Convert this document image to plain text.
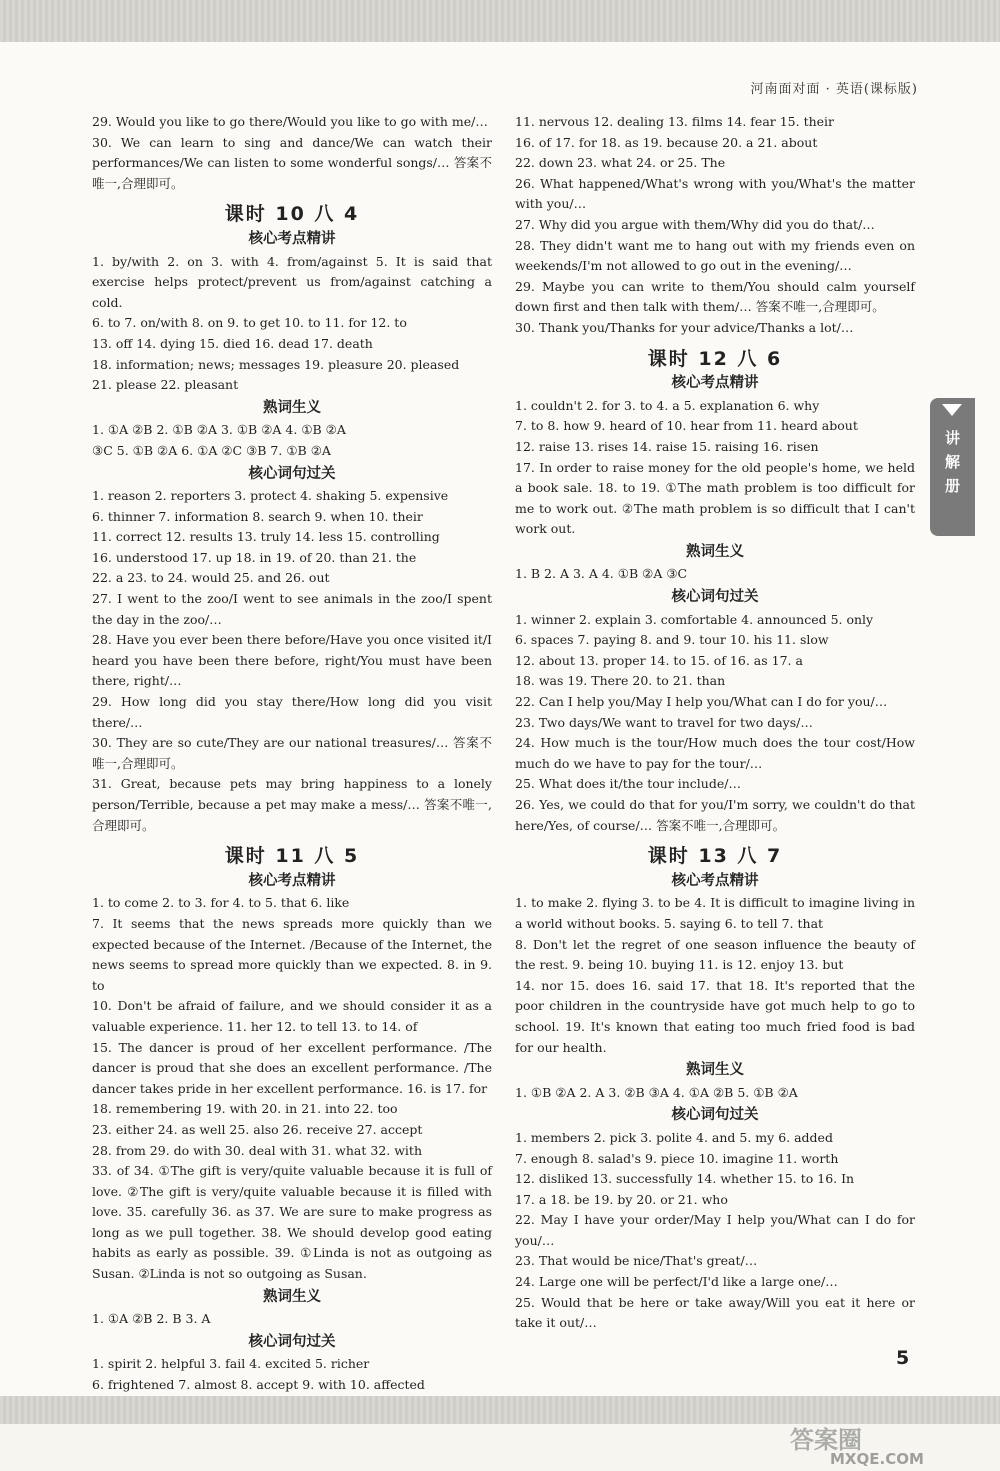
河南面对面 · 英语(课标版)
29. Would you like to go there/Would you like to go with me/…
30. We can learn to sing and dance/We can watch their performances/We can listen to some wonderful songs/… 答案不唯一,合理即可。
课时 10 八 4
核心考点精讲
1. by/with 2. on 3. with 4. from/against 5. It is said that exercise helps protect/prevent us from/against catching a cold.
6. to 7. on/with 8. on 9. to get 10. to 11. for 12. to
13. off 14. dying 15. died 16. dead 17. death
18. information; news; messages 19. pleasure 20. pleased
21. please 22. pleasant
熟词生义
1. ①A ②B 2. ①B ②A 3. ①B ②A 4. ①B ②A
③C 5. ①B ②A 6. ①A ②C ③B 7. ①B ②A
核心词句过关
1. reason 2. reporters 3. protect 4. shaking 5. expensive
6. thinner 7. information 8. search 9. when 10. their
11. correct 12. results 13. truly 14. less 15. controlling
16. understood 17. up 18. in 19. of 20. than 21. the
22. a 23. to 24. would 25. and 26. out
27. I went to the zoo/I went to see animals in the zoo/I spent the day in the zoo/…
28. Have you ever been there before/Have you once visited it/I heard you have been there before, right/You must have been there, right/…
29. How long did you stay there/How long did you visit there/…
30. They are so cute/They are our national treasures/… 答案不唯一,合理即可。
31. Great, because pets may bring happiness to a lonely person/Terrible, because a pet may make a mess/… 答案不唯一,合理即可。
课时 11 八 5
核心考点精讲
1. to come 2. to 3. for 4. to 5. that 6. like
7. It seems that the news spreads more quickly than we expected because of the Internet. /Because of the Internet, the news seems to spread more quickly than we expected. 8. in 9. to
10. Don't be afraid of failure, and we should consider it as a valuable experience. 11. her 12. to tell 13. to 14. of
15. The dancer is proud of her excellent performance. /The dancer is proud that she does an excellent performance. /The dancer takes pride in her excellent performance. 16. is 17. for
18. remembering 19. with 20. in 21. into 22. too
23. either 24. as well 25. also 26. receive 27. accept
28. from 29. do with 30. deal with 31. what 32. with
33. of 34. ①The gift is very/quite valuable because it is full of love. ②The gift is very/quite valuable because it is filled with love. 35. carefully 36. as 37. We are sure to make progress as long as we pull together. 38. We should develop good eating habits as early as possible. 39. ①Linda is not as outgoing as Susan. ②Linda is not so outgoing as Susan.
熟词生义
1. ①A ②B 2. B 3. A
核心词句过关
1. spirit 2. helpful 3. fail 4. excited 5. richer
6. frightened 7. almost 8. accept 9. with 10. affected
11. nervous 12. dealing 13. films 14. fear 15. their
16. of 17. for 18. as 19. because 20. a 21. about
22. down 23. what 24. or 25. The
26. What happened/What's wrong with you/What's the matter with you/…
27. Why did you argue with them/Why did you do that/…
28. They didn't want me to hang out with my friends even on weekends/I'm not allowed to go out in the evening/…
29. Maybe you can write to them/You should calm yourself down first and then talk with them/… 答案不唯一,合理即可。
30. Thank you/Thanks for your advice/Thanks a lot/…
课时 12 八 6
核心考点精讲
1. couldn't 2. for 3. to 4. a 5. explanation 6. why
7. to 8. how 9. heard of 10. hear from 11. heard about
12. raise 13. rises 14. raise 15. raising 16. risen
17. In order to raise money for the old people's home, we held a book sale. 18. to 19. ①The math problem is too difficult for me to work out. ②The math problem is so difficult that I can't work out.
熟词生义
1. B 2. A 3. A 4. ①B ②A ③C
核心词句过关
1. winner 2. explain 3. comfortable 4. announced 5. only
6. spaces 7. paying 8. and 9. tour 10. his 11. slow
12. about 13. proper 14. to 15. of 16. as 17. a
18. was 19. There 20. to 21. than
22. Can I help you/May I help you/What can I do for you/…
23. Two days/We want to travel for two days/…
24. How much is the tour/How much does the tour cost/How much do we have to pay for the tour/…
25. What does it/the tour include/…
26. Yes, we could do that for you/I'm sorry, we couldn't do that here/Yes, of course/… 答案不唯一,合理即可。
课时 13 八 7
核心考点精讲
1. to make 2. flying 3. to be 4. It is difficult to imagine living in a world without books. 5. saying 6. to tell 7. that
8. Don't let the regret of one season influence the beauty of the rest. 9. being 10. buying 11. is 12. enjoy 13. but
14. nor 15. does 16. said 17. that 18. It's reported that the poor children in the countryside have got much help to go to school. 19. It's known that eating too much fried food is bad for our health.
熟词生义
1. ①B ②A 2. A 3. ②B ③A 4. ①A ②B 5. ①B ②A
核心词句过关
1. members 2. pick 3. polite 4. and 5. my 6. added
7. enough 8. salad's 9. piece 10. imagine 11. worth
12. disliked 13. successfully 14. whether 15. to 16. In
17. a 18. be 19. by 20. or 21. who
22. May I have your order/May I help you/What can I do for you/…
23. That would be nice/That's great/…
24. Large one will be perfect/I'd like a large one/…
25. Would that be here or take away/Will you eat it here or take it out/…
讲
解
册
5
答案圈
MXQE.COM
